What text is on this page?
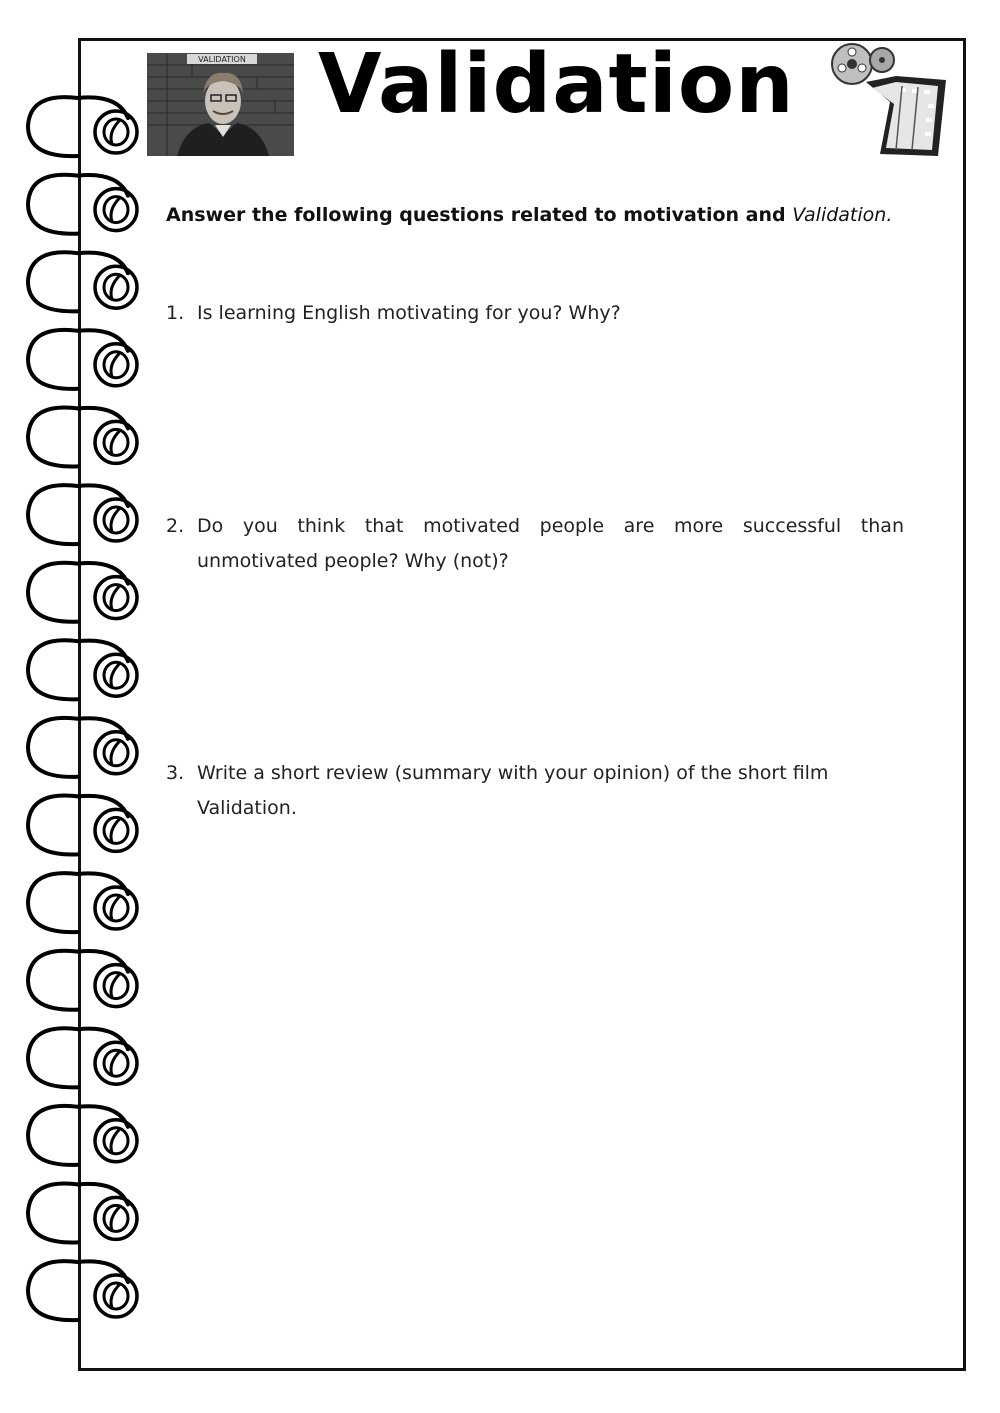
VALIDATION Validation
Answer the following questions related to motivation and Validation.
1. Is learning English motivating for you? Why?
2. Do you think that motivated people are more successful than unmotivated people? Why (not)?
3. Write a short review (summary with your opinion) of the short film Validation.
